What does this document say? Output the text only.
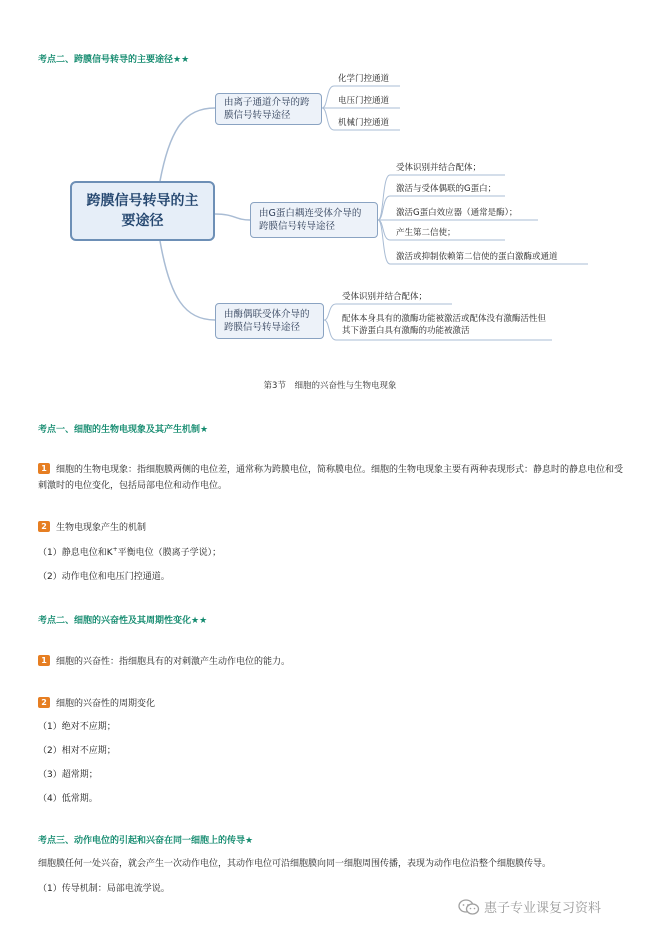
考点二、跨膜信号转导的主要途径★★
跨膜信号转导的主要途径
由离子通道介导的跨膜信号转导途径
由G蛋白耦连受体介导的跨膜信号转导途径
由酶偶联受体介导的跨膜信号转导途径
化学门控通道
电压门控通道
机械门控通道
受体识别并结合配体；
激活与受体偶联的G蛋白；
激活G蛋白效应器（通常是酶）；
产生第二信使；
激活或抑制依赖第二信使的蛋白激酶或通道
受体识别并结合配体；
配体本身具有的激酶功能被激活或配体没有激酶活性但其下游蛋白具有激酶的功能被激活
第3节　细胞的兴奋性与生物电现象
考点一、细胞的生物电现象及其产生机制★
1 细胞的生物电现象：指细胞膜两侧的电位差，通常称为跨膜电位，简称膜电位。细胞的生物电现象主要有两种表现形式：静息时的静息电位和受刺激时的电位变化，包括局部电位和动作电位。
2 生物电现象产生的机制
（1）静息电位和K+平衡电位（膜离子学说）；
（2）动作电位和电压门控通道。
考点二、细胞的兴奋性及其周期性变化★★
1 细胞的兴奋性：指细胞具有的对刺激产生动作电位的能力。
2 细胞的兴奋性的周期变化
（1）绝对不应期；
（2）相对不应期；
（3）超常期；
（4）低常期。
考点三、动作电位的引起和兴奋在同一细胞上的传导★
细胞膜任何一处兴奋，就会产生一次动作电位，其动作电位可沿细胞膜向同一细胞周围传播，表现为动作电位沿整个细胞膜传导。
（1）传导机制：局部电流学说。
惠子专业课复习资料
